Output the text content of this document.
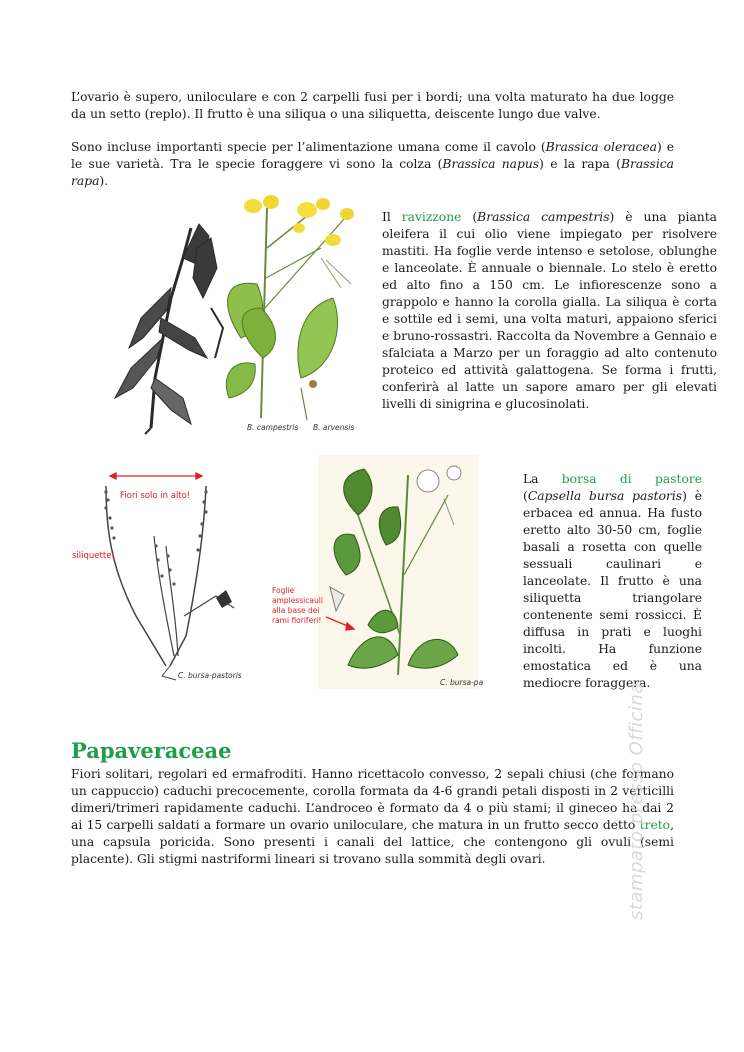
L’ovario è supero, uniloculare e con 2 carpelli fusi per i bordi; una volta maturato ha due logge da un setto (replo). Il frutto è una siliqua o una siliquetta, deiscente lungo due valve.

Sono incluse importanti specie per l’alimentazione umana come il cavolo (Brassica oleracea) e le sue varietà. Tra le specie foraggere vi sono la colza (Brassica napus) e la rapa (Brassica rapa).

B. campestris B. arvensis

Il ravizzone (Brassica campestris) è una pianta oleifera il cui olio viene impiegato per risolvere mastiti. Ha foglie verde intenso e setolose, oblunghe e lanceolate. È annuale o biennale. Lo stelo è eretto ed alto fino a 150 cm. Le infiorescenze sono a grappolo e hanno la corolla gialla. La siliqua è corta e sottile ed i semi, una volta maturi, appaiono sferici e bruno-rossastri. Raccolta da Novembre a Gennaio e sfalciata a Marzo per un foraggio ad alto contenuto proteico ed attività galattogena. Se forma i frutti, conferirà al latte un sapore amaro per gli elevati livelli di sinigrina e glucosinolati.

Fiori solo in alto!
siliquette!
C. bursa-pastoris
Foglie
amplessicauli
alla base dei
rami fioriferi!
C. bursa-pa

La borsa di pastore (Capsella bursa pastoris) è erbacea ed annua. Ha fusto eretto alto 30-50 cm, foglie basali a rosetta con quelle sessuali caulinari e lanceolate. Il frutto è una siliquetta triangolare contenente semi rossicci. È diffusa in prati e luoghi incolti. Ha funzione emostatica ed è una mediocre foraggera.

Papaveraceae

Fiori solitari, regolari ed ermafroditi. Hanno ricettacolo convesso, 2 sepali chiusi (che formano un cappuccio) caduchi precocemente, corolla formata da 4-6 grandi petali disposti in 2 verticilli dimeri/trimeri rapidamente caduchi. L’androceo è formato da 4 o più stami; il gineceo ha dai 2 ai 15 carpelli saldati a formare un ovario uniloculare, che matura in un frutto secco detto treto, una capsula poricida. Sono presenti i canali del lattice, che contengono gli ovuli (semi placente). Gli stigmi nastriformi lineari si trovano sulla sommità degli ovari.	stampato presso Officina
